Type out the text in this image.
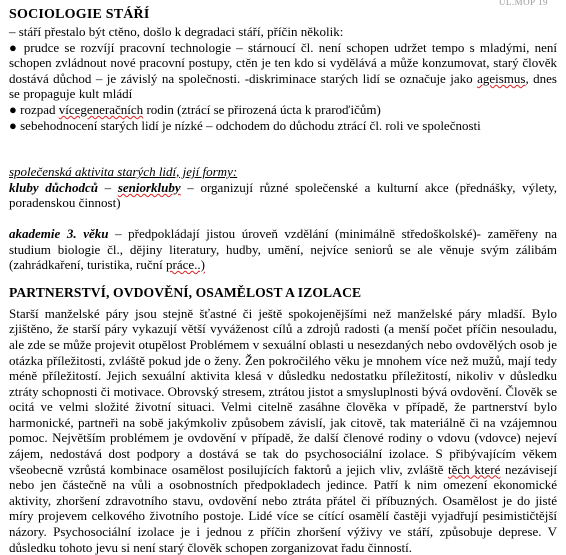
UL.MOP 19
SOCIOLOGIE STÁŘÍ

– stáří přestalo být ctěno, došlo k degradaci stáří, příčin několik:

● prudce se rozvíjí pracovní technologie – stárnoucí čl. není schopen udržet tempo s mladými, není schopen zvládnout nové pracovní postupy, ctěn je ten kdo si vydělává a může konzumovat, starý člověk dostává důchod – je závislý na společnosti. -diskriminace starých lidí se označuje jako ageismus, dnes se propaguje kult mládí

● rozpad vícegeneračních rodin (ztrácí se přirozená úcta k praroďičům)

● sebehodnocení starých lidí je nízké – odchodem do důchodu ztrácí čl. roli ve společnosti

společenská aktivita starých lidí, její formy:

kluby důchodců – seniorkluby – organizují různé společenské a kulturní akce (přednášky, výlety, poradenskou činnost)

akademie 3. věku – předpokládají jistou úroveň vzdělání (minimálně středoškolské)- zaměřeny na studium biologie čl., dějiny literatury, hudby, umění, nejvíce seniorů se ale věnuje svým zálibám (zahrádkaření, turistika, ruční práce..)

PARTNERSTVÍ, OVDOVĚNÍ, OSAMĚLOST A IZOLACE

Starší manželské páry jsou stejně šťastné či ještě spokojenějšími než manželské páry mladší. Bylo zjištěno, že starší páry vykazují větší vyváženost cílů a zdrojů radosti (a menší počet příčin nesouladu, ale zde se může projevit otupělost Problémem v sexuální oblasti u nesezdaných nebo ovdovělých osob je otázka příležitosti, zvláště pokud jde o ženy. Žen pokročilého věku je mnohem více než mužů, mají tedy méně příležitostí. Jejich sexuální aktivita klesá v důsledku nedostatku příležitostí, nikoliv v důsledku ztráty schopnosti či motivace. Obrovský stresem, ztrátou jistot a smysluplnosti bývá ovdovění. Člověk se ocitá ve velmi složité životní situaci. Velmi citelně zasáhne člověka v případě, že partnerství bylo harmonické, partneři na sobě jakýmkoliv způsobem závislí, jak citově, tak materiálně či na vzájemnou pomoc. Největším problémem je ovdovění v případě, že další členové rodiny o vdovu (vdovce) nejeví zájem, nedostává dost podpory a dostává se tak do psychosociální izolace. S přibývajícím věkem všeobecně vzrůstá kombinace osamělost posilujících faktorů a jejich vliv, zvláště těch které nezávisejí nebo jen částečně na vůli a osobnostních předpokladech jedince. Patří k nim omezení ekonomické aktivity, zhoršení zdravotního stavu, ovdovění nebo ztráta přátel či příbuzných. Osamělost je do jisté míry projevem celkového životního postoje. Lidé více se cítící osamělí častěji vyjadřují pesimističtější názory. Psychosociální izolace je i jednou z příčin zhoršení výživy ve stáří, způsobuje deprese. V důsledku tohoto jevu si není starý člověk schopen zorganizovat řadu činností.
